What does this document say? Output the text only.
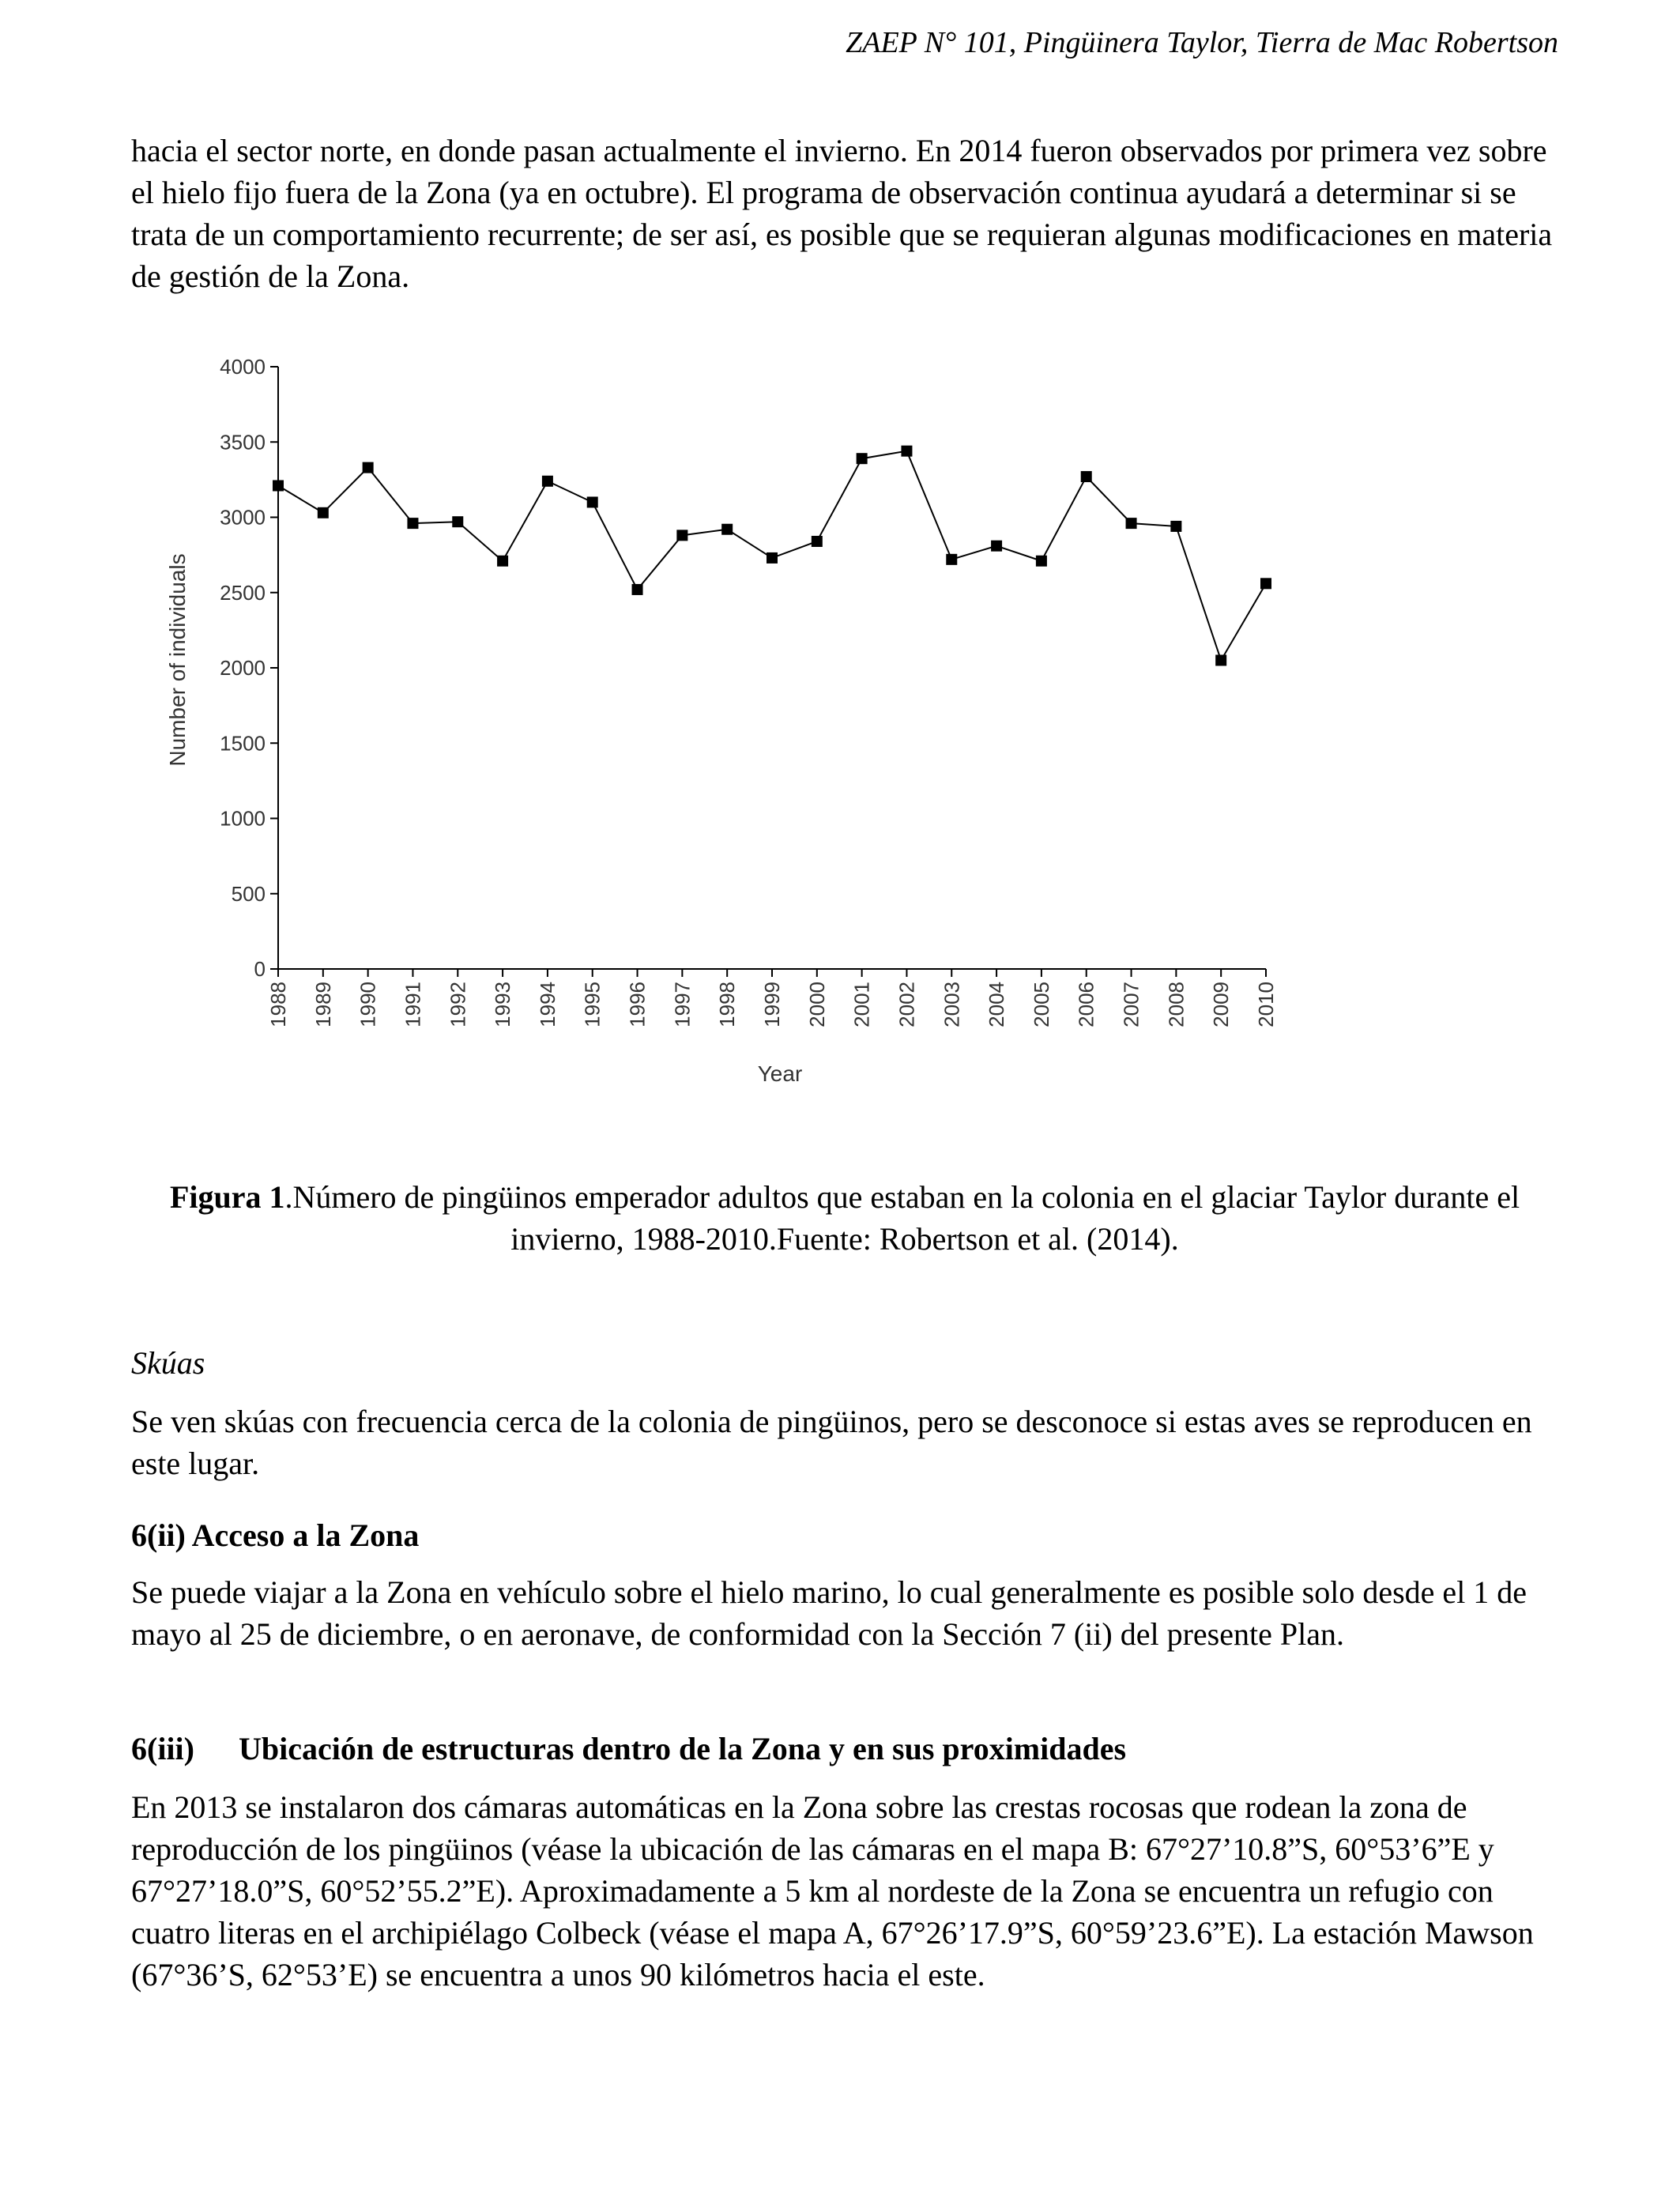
ZAEP N° 101, Pingüinera Taylor, Tierra de Mac Robertson

hacia el sector norte, en donde pasan actualmente el invierno. En 2014 fueron observados por primera vez sobre el hielo fijo fuera de la Zona (ya en octubre). El programa de observación continua ayudará a determinar si se trata de un comportamiento recurrente; de ser así, es posible que se requieran algunas modificaciones en materia de gestión de la Zona.

0
500
1000
1500
2000
2500
3000
3500
4000
1988 1989 1990 1991 1992 1993 1994 1995 1996 1997 1998 1999 2000 2001 2002 2003 2004 2005 2006 2007 2008 2009 2010
Year
Number of individuals
Figura 1.Número de pingüinos emperador adultos que estaban en la colonia en el glaciar Taylor durante el invierno, 1988-2010.Fuente: Robertson et al. (2014).
Skúas

Se ven skúas con frecuencia cerca de la colonia de pingüinos, pero se desconoce si estas aves se reproducen en este lugar.

6(ii) Acceso a la Zona

Se puede viajar a la Zona en vehículo sobre el hielo marino, lo cual generalmente es posible solo desde el 1 de mayo al 25 de diciembre, o en aeronave, de conformidad con la Sección 7 (ii) del presente Plan.

6(iii) Ubicación de estructuras dentro de la Zona y en sus proximidades

En 2013 se instalaron dos cámaras automáticas en la Zona sobre las crestas rocosas que rodean la zona de reproducción de los pingüinos (véase la ubicación de las cámaras en el mapa B: 67°27’10.8”S, 60°53’6”E y 67°27’18.0”S, 60°52’55.2”E). Aproximadamente a 5 km al nordeste de la Zona se encuentra un refugio con cuatro literas en el archipiélago Colbeck (véase el mapa A, 67°26’17.9”S, 60°59’23.6”E). La estación Mawson (67°36’S, 62°53’E) se encuentra a unos 90 kilómetros hacia el este.
